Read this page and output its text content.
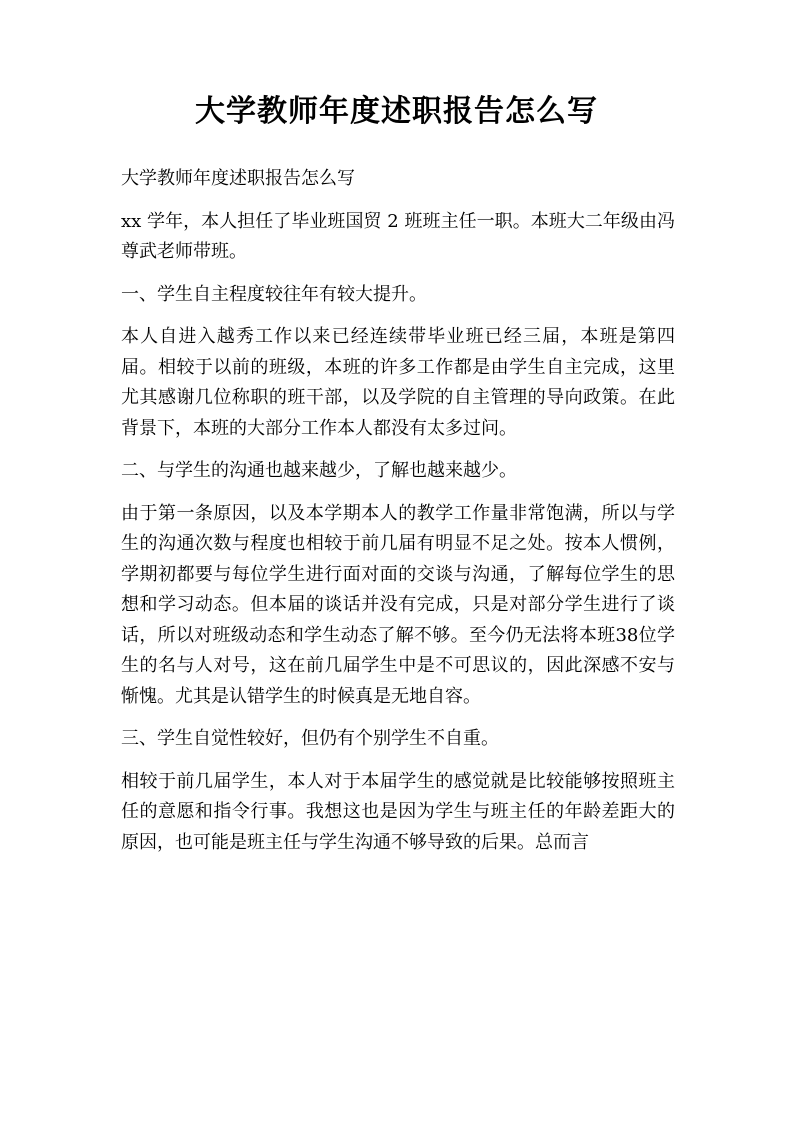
大学教师年度述职报告怎么写

大学教师年度述职报告怎么写

xx 学年，本人担任了毕业班国贸 2 班班主任一职。本班大二年级由冯尊武老师带班。

一、学生自主程度较往年有较大提升。

本人自进入越秀工作以来已经连续带毕业班已经三届，本班是第四届。相较于以前的班级，本班的许多工作都是由学生自主完成，这里尤其感谢几位称职的班干部，以及学院的自主管理的导向政策。在此背景下，本班的大部分工作本人都没有太多过问。

二、与学生的沟通也越来越少，了解也越来越少。

由于第一条原因，以及本学期本人的教学工作量非常饱满，所以与学生的沟通次数与程度也相较于前几届有明显不足之处。按本人惯例，学期初都要与每位学生进行面对面的交谈与沟通，了解每位学生的思想和学习动态。但本届的谈话并没有完成，只是对部分学生进行了谈话，所以对班级动态和学生动态了解不够。至今仍无法将本班38位学生的名与人对号，这在前几届学生中是不可思议的，因此深感不安与惭愧。尤其是认错学生的时候真是无地自容。

三、学生自觉性较好，但仍有个别学生不自重。

相较于前几届学生，本人对于本届学生的感觉就是比较能够按照班主任的意愿和指令行事。我想这也是因为学生与班主任的年龄差距大的原因，也可能是班主任与学生沟通不够导致的后果。总而言
